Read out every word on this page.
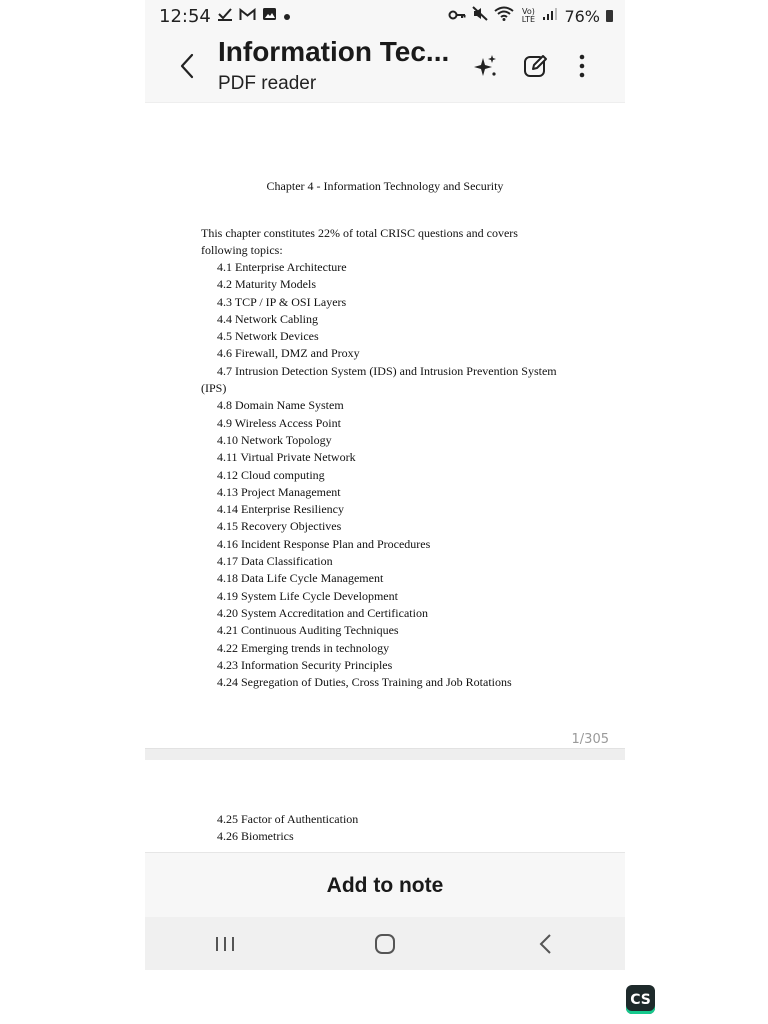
12:54	Vo) LTE 76%
Information Tec...
PDF reader
Chapter 4 - Information Technology and Security
This chapter constitutes 22% of total CRISC questions and covers following topics:
4.1 Enterprise Architecture
4.2 Maturity Models
4.3 TCP / IP & OSI Layers
4.4 Network Cabling
4.5 Network Devices
4.6 Firewall, DMZ and Proxy
4.7 Intrusion Detection System (IDS) and Intrusion Prevention System
(IPS)
4.8 Domain Name System
4.9 Wireless Access Point
4.10 Network Topology
4.11 Virtual Private Network
4.12 Cloud computing
4.13 Project Management
4.14 Enterprise Resiliency
4.15 Recovery Objectives
4.16 Incident Response Plan and Procedures
4.17 Data Classification
4.18 Data Life Cycle Management
4.19 System Life Cycle Development
4.20 System Accreditation and Certification
4.21 Continuous Auditing Techniques
4.22 Emerging trends in technology
4.23 Information Security Principles
4.24 Segregation of Duties, Cross Training and Job Rotations
1/305
4.25 Factor of Authentication
4.26 Biometrics
Add to note
CS
